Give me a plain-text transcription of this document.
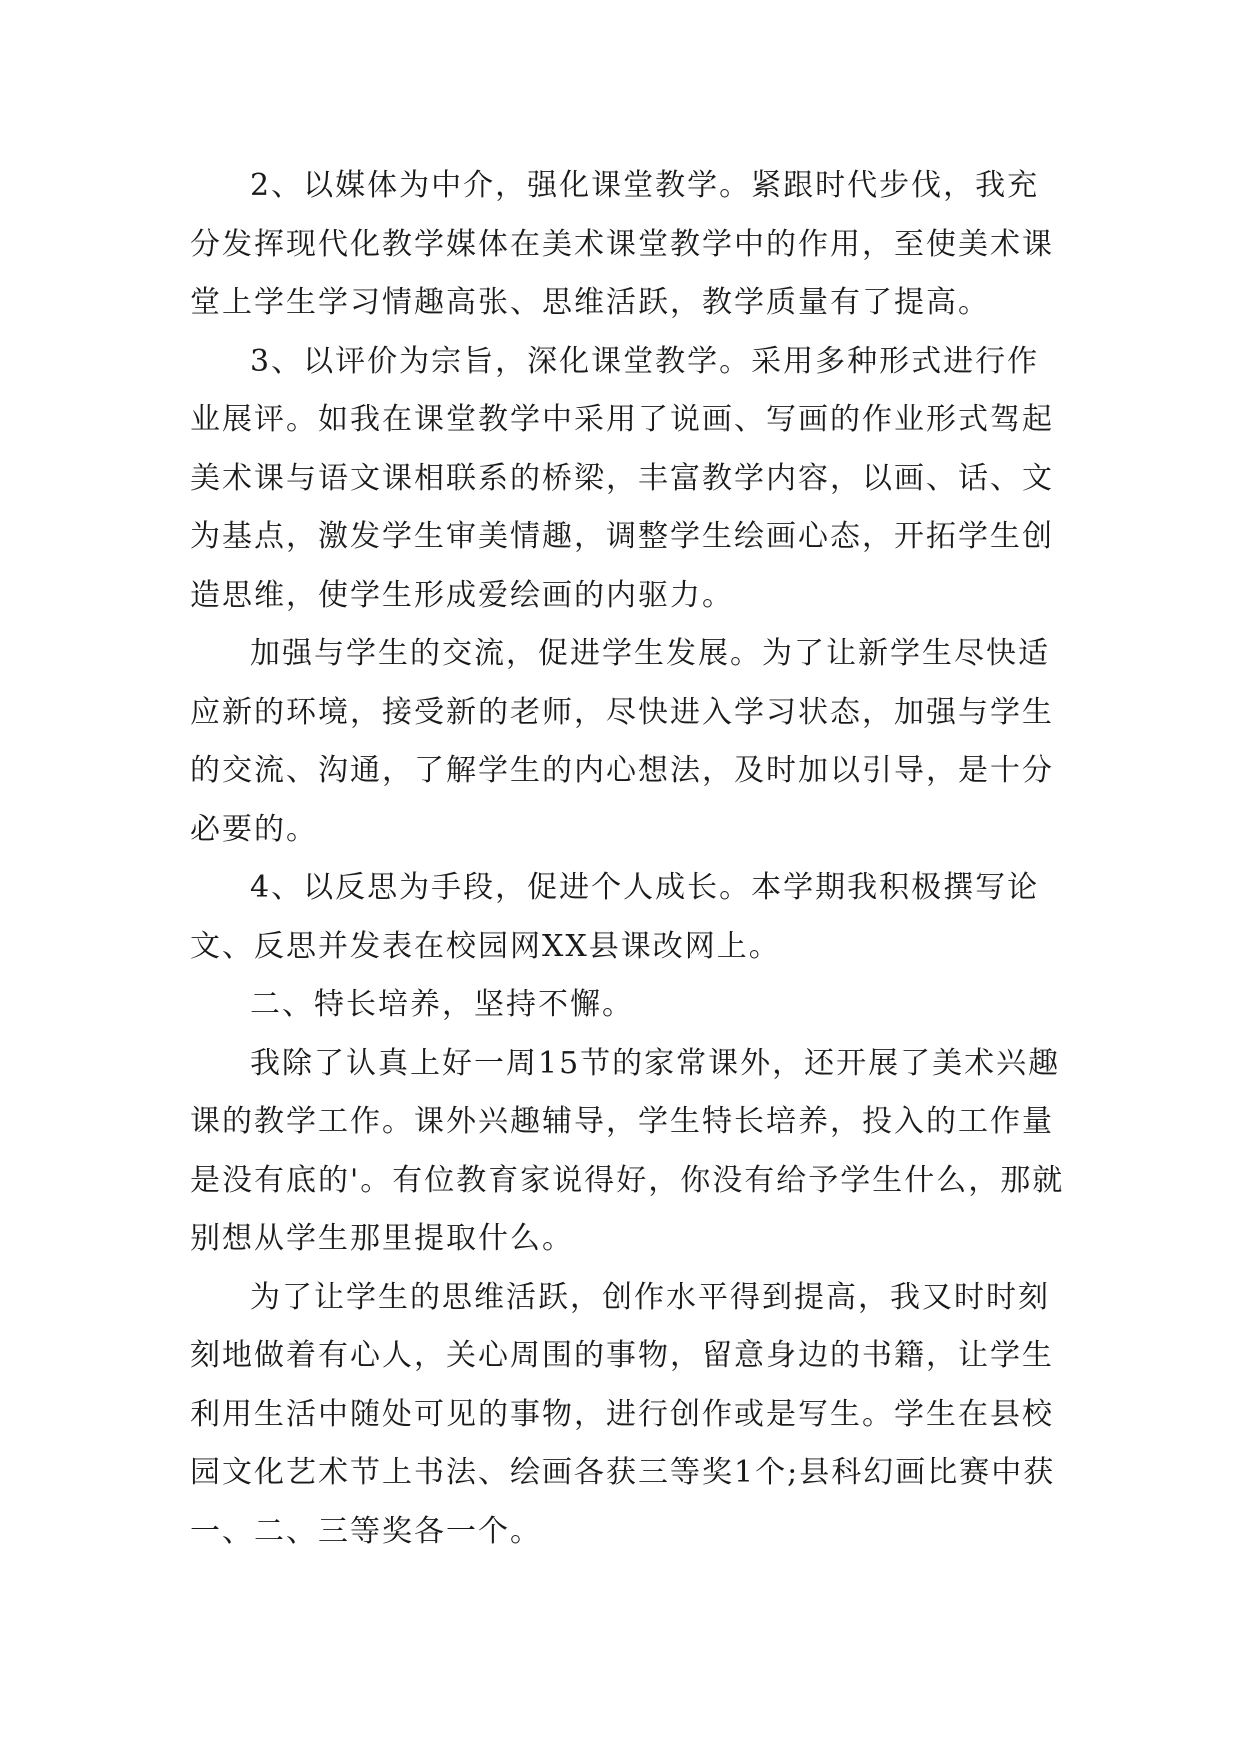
2、以媒体为中介，强化课堂教学。紧跟时代步伐，我充分发挥现代化教学媒体在美术课堂教学中的作用，至使美术课堂上学生学习情趣高张、思维活跃，教学质量有了提高。

3、以评价为宗旨，深化课堂教学。采用多种形式进行作业展评。如我在课堂教学中采用了说画、写画的作业形式驾起美术课与语文课相联系的桥梁，丰富教学内容，以画、话、文为基点，激发学生审美情趣，调整学生绘画心态，开拓学生创造思维，使学生形成爱绘画的内驱力。

加强与学生的交流，促进学生发展。为了让新学生尽快适应新的环境，接受新的老师，尽快进入学习状态，加强与学生的交流、沟通，了解学生的内心想法，及时加以引导，是十分必要的。

4、以反思为手段，促进个人成长。本学期我积极撰写论文、反思并发表在校园网XX县课改网上。

二、特长培养，坚持不懈。

我除了认真上好一周15节的家常课外，还开展了美术兴趣课的教学工作。课外兴趣辅导，学生特长培养，投入的工作量是没有底的'。有位教育家说得好，你没有给予学生什么，那就别想从学生那里提取什么。

为了让学生的思维活跃，创作水平得到提高，我又时时刻刻地做着有心人，关心周围的事物，留意身边的书籍，让学生利用生活中随处可见的事物，进行创作或是写生。学生在县校园文化艺术节上书法、绘画各获三等奖1个;县科幻画比赛中获一、二、三等奖各一个。
